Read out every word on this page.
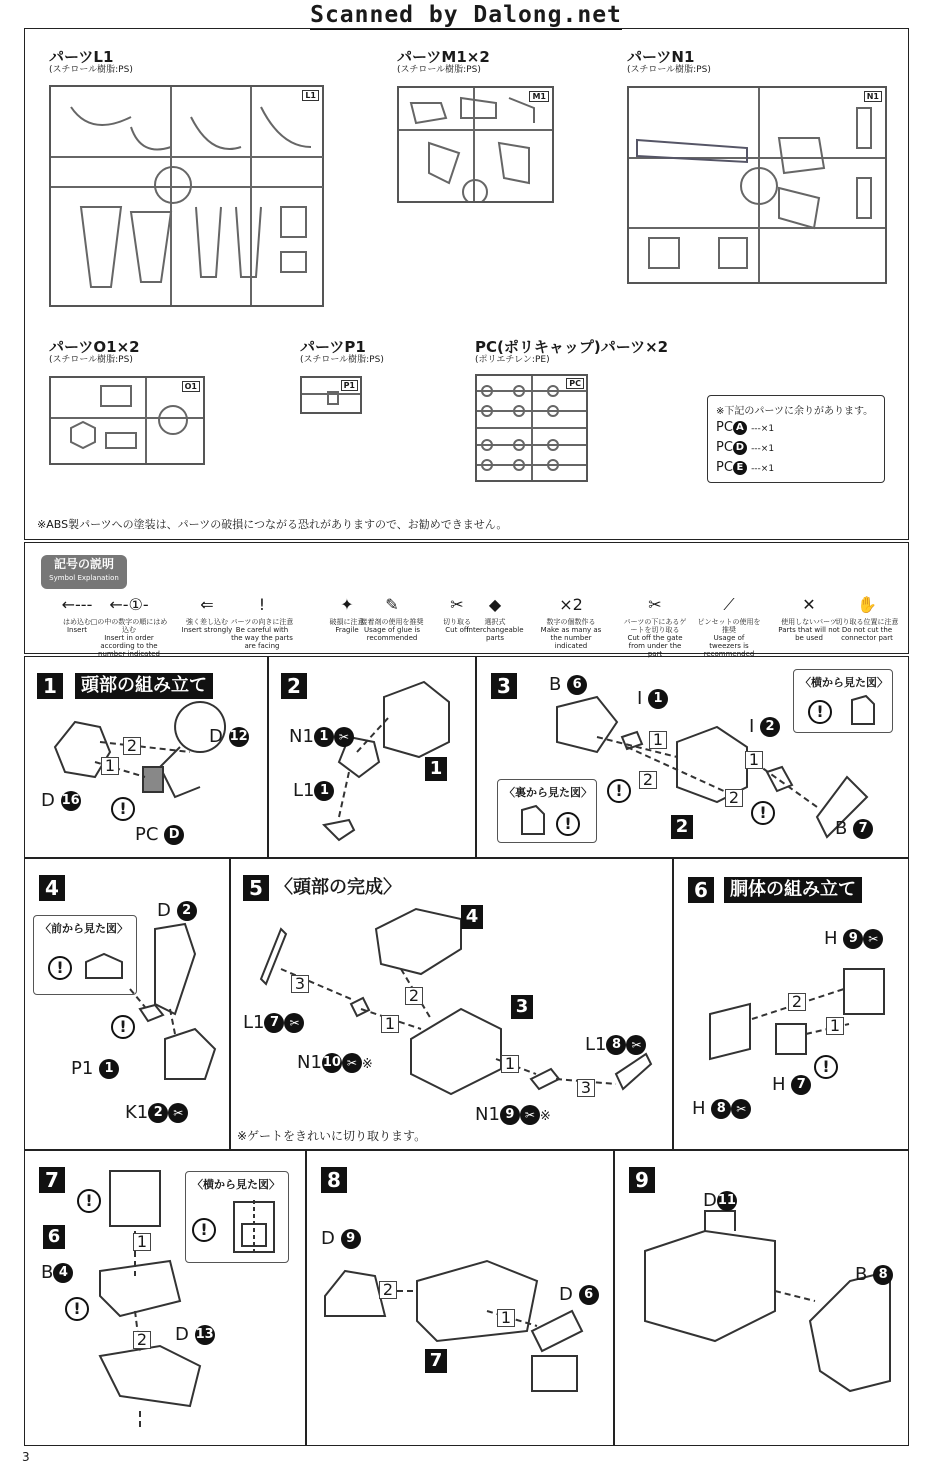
Scanned by Dalong.net
パーツL1
(スチロール樹脂:PS)
L1
パーツM1×2
(スチロール樹脂:PS)
M1
パーツN1
(スチロール樹脂:PS)
N1
パーツO1×2
(スチロール樹脂:PS)
O1
パーツP1
(スチロール樹脂:PS)
P1
PC(ポリキャップ)パーツ×2
(ポリエチレン:PE)
PC
※下記のパーツに余りがあります。
PC A ---×1
PC D ---×1
PC E ---×1
※ABS製パーツへの塗装は、パーツの破損につながる恐れがありますので、お勧めできません。
記号の説明
Symbol Explanation
←---
はめ込む
Insert
←-①-
□の中の数字の順にはめ込む
Insert in order according to the number indicated
⇐
強く差し込む
Insert strongly
!
パーツの向きに注意
Be careful with the way the parts are facing
✦
破損に注意
Fragile
✎
接着剤の使用を推奨
Usage of glue is recommended
✂
切り取る
Cut off
◆
選択式
Interchangeable parts
×2
数字の個数作る
Make as many as the number indicated
✂
パーツの下にあるゲートを切り取る
Cut off the gate from under the part
⟋
ピンセットの使用を推奨
Usage of tweezers is recommended
✕
使用しないパーツ
Parts that will not be used
✋
切り取る位置に注意
Do not cut the connector part
1	頭部の組み立て
2
1
D 12
D 16
PC D
!
2
1
N1 1 ✂
L1 1
3	B 6
I 1
I 2
B 7
1
2
1
2
2
!
!
〈横から見た図〉
!
〈裏から見た図〉
!
4
〈前から見た図〉
!
D 2
P1 1
K1 2 ✂
!
5 〈頭部の完成〉
4
3
3
2
1
1
3
L1 7 ✂
N110 ✂ ※
L1 8 ✂
N1 9 ✂ ※
※ゲートをきれいに切り取ります。
6	胴体の組み立て
H 9 ✂
H 7
H 8 ✂
2
1
!
7	〈横から見た図〉
!
6	1
2
B 4
D 13
!
!
8
D 9
D 6
2
1
7
9
D11
B 8
3
